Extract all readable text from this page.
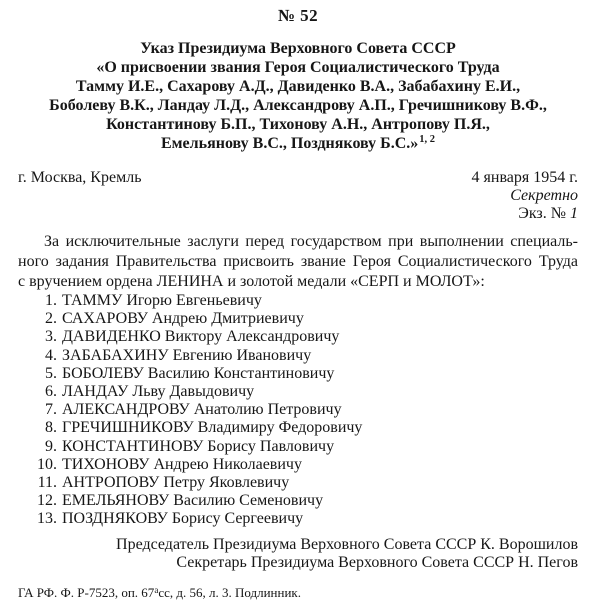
№ 52
Указ Президиума Верховного Совета СССР
«О присвоении звания Героя Социалистического Труда
Тамму И.Е., Сахарову А.Д., Давиденко В.А., Забабахину Е.И.,
Боболеву В.К., Ландау Л.Д., Александрову А.П., Гречишникову В.Ф.,
Константинову Б.П., Тихонову А.Н., Антропову П.Я.,
Емельянову В.С., Позднякову Б.С.»$^{1, 2}$
г. Москва, Кремль	4 января 1954 г.
Секретно
Экз. № 1
За исключительные заслуги перед государством при выполнении специаль-
ного задания Правительства присвоить звание Героя Социалистического Труда
с вручением ордена ЛЕНИНА и золотой медали «СЕРП и МОЛОТ»:
1. ТАММУ Игорю Евгеньевичу
2. САХАРОВУ Андрею Дмитриевичу
3. ДАВИДЕНКО Виктору Александровичу
4. ЗАБАБАХИНУ Евгению Ивановичу
5. БОБОЛЕВУ Василию Константиновичу
6. ЛАНДАУ Льву Давыдовичу
7. АЛЕКСАНДРОВУ Анатолию Петровичу
8. ГРЕЧИШНИКОВУ Владимиру Федоровичу
9. КОНСТАНТИНОВУ Борису Павловичу
10. ТИХОНОВУ Андрею Николаевичу
11. АНТРОПОВУ Петру Яковлевичу
12. ЕМЕЛЬЯНОВУ Василию Семеновичу
13. ПОЗДНЯКОВУ Борису Сергеевичу
Председатель Президиума Верховного Совета СССР К. Ворошилов
Секретарь Президиума Верховного Совета СССР Н. Пегов
ГА РФ. Ф. Р-7523, оп. $67^асс$, д. 56, л. 3. Подлинник.
